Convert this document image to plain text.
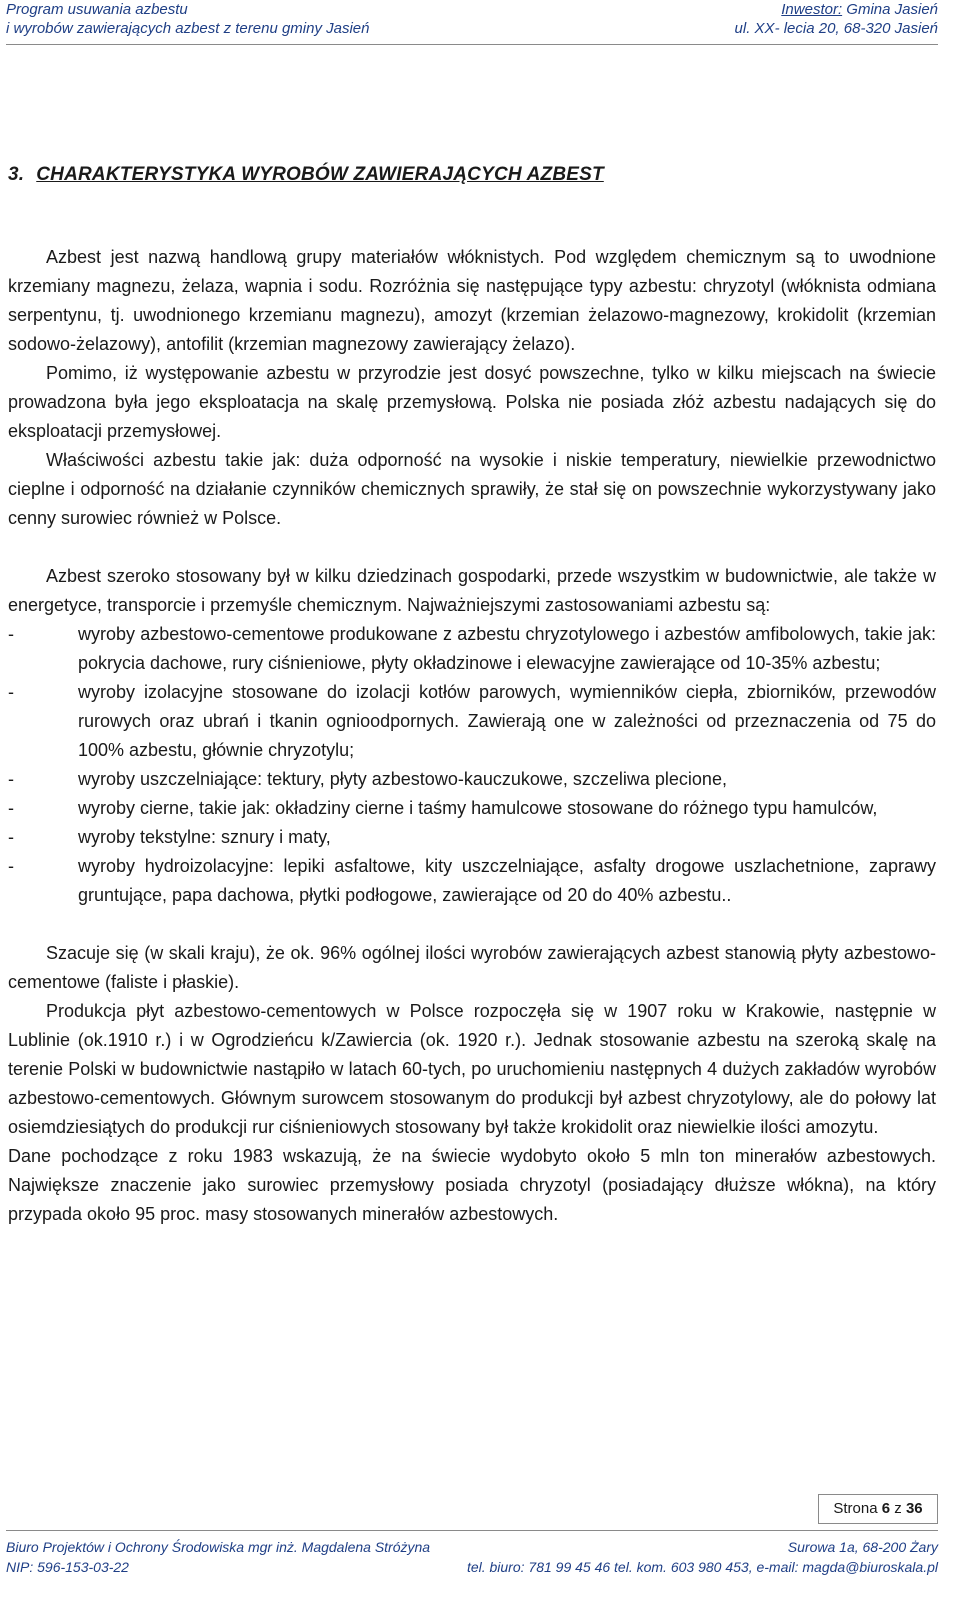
Program usuwania azbestu
i wyrobów zawierających azbest z terenu gminy Jasień
Inwestor: Gmina Jasień
ul. XX- lecia 20, 68-320 Jasień
3. CHARAKTERYSTYKA WYROBÓW ZAWIERAJĄCYCH AZBEST

Azbest jest nazwą handlową grupy materiałów włóknistych. Pod względem chemicznym są to uwodnione krzemiany magnezu, żelaza, wapnia i sodu. Rozróżnia się następujące typy azbestu: chryzotyl (włóknista odmiana serpentynu, tj. uwodnionego krzemianu magnezu), amozyt (krzemian żelazowo-magnezowy, krokidolit (krzemian sodowo-żelazowy), antofilit (krzemian magnezowy zawierający żelazo).

Pomimo, iż występowanie azbestu w przyrodzie jest dosyć powszechne, tylko w kilku miejscach na świecie prowadzona była jego eksploatacja na skalę przemysłową. Polska nie posiada złóż azbestu nadających się do eksploatacji przemysłowej.

Właściwości azbestu takie jak: duża odporność na wysokie i niskie temperatury, niewielkie przewodnictwo cieplne i odporność na działanie czynników chemicznych sprawiły, że stał się on powszechnie wykorzystywany jako cenny surowiec również w Polsce.

Azbest szeroko stosowany był w kilku dziedzinach gospodarki, przede wszystkim w budownictwie, ale także w energetyce, transporcie i przemyśle chemicznym. Najważniejszymi zastosowaniami azbestu są:

-	wyroby azbestowo-cementowe produkowane z azbestu chryzotylowego i azbestów amfibolowych, takie jak: pokrycia dachowe, rury ciśnieniowe, płyty okładzinowe i elewacyjne zawierające od 10-35% azbestu;
-	wyroby izolacyjne stosowane do izolacji kotłów parowych, wymienników ciepła, zbiorników, przewodów rurowych oraz ubrań i tkanin ognioodpornych. Zawierają one w zależności od przeznaczenia od 75 do 100% azbestu, głównie chryzotylu;
-	wyroby uszczelniające: tektury, płyty azbestowo-kauczukowe, szczeliwa plecione,
-	wyroby cierne, takie jak: okładziny cierne i taśmy hamulcowe stosowane do różnego typu hamulców,
-	wyroby tekstylne: sznury i maty,
-	wyroby hydroizolacyjne: lepiki asfaltowe, kity uszczelniające, asfalty drogowe uszlachetnione, zaprawy gruntujące, papa dachowa, płytki podłogowe, zawierające od 20 do 40% azbestu..

Szacuje się (w skali kraju), że ok. 96% ogólnej ilości wyrobów zawierających azbest stanowią płyty azbestowo-cementowe (faliste i płaskie).

Produkcja płyt azbestowo-cementowych w Polsce rozpoczęła się w 1907 roku w Krakowie, następnie w Lublinie (ok.1910 r.) i w Ogrodzieńcu k/Zawiercia (ok. 1920 r.). Jednak stosowanie azbestu na szeroką skalę na terenie Polski w budownictwie nastąpiło w latach 60-tych, po uruchomieniu następnych 4 dużych zakładów wyrobów azbestowo-cementowych. Głównym surowcem stosowanym do produkcji był azbest chryzotylowy, ale do połowy lat osiemdziesiątych do produkcji rur ciśnieniowych stosowany był także krokidolit oraz niewielkie ilości amozytu.

Dane pochodzące z roku 1983 wskazują, że na świecie wydobyto około 5 mln ton minerałów azbestowych. Największe znaczenie jako surowiec przemysłowy posiada chryzotyl (posiadający dłuższe włókna), na który przypada około 95 proc. masy stosowanych minerałów azbestowych.

Strona 6 z 36
Biuro Projektów i Ochrony Środowiska mgr inż. Magdalena Stróżyna	Surowa 1a, 68-200 Żary
NIP: 596-153-03-22	tel. biuro: 781 99 45 46 tel. kom. 603 980 453, e-mail: magda@biuroskala.pl
